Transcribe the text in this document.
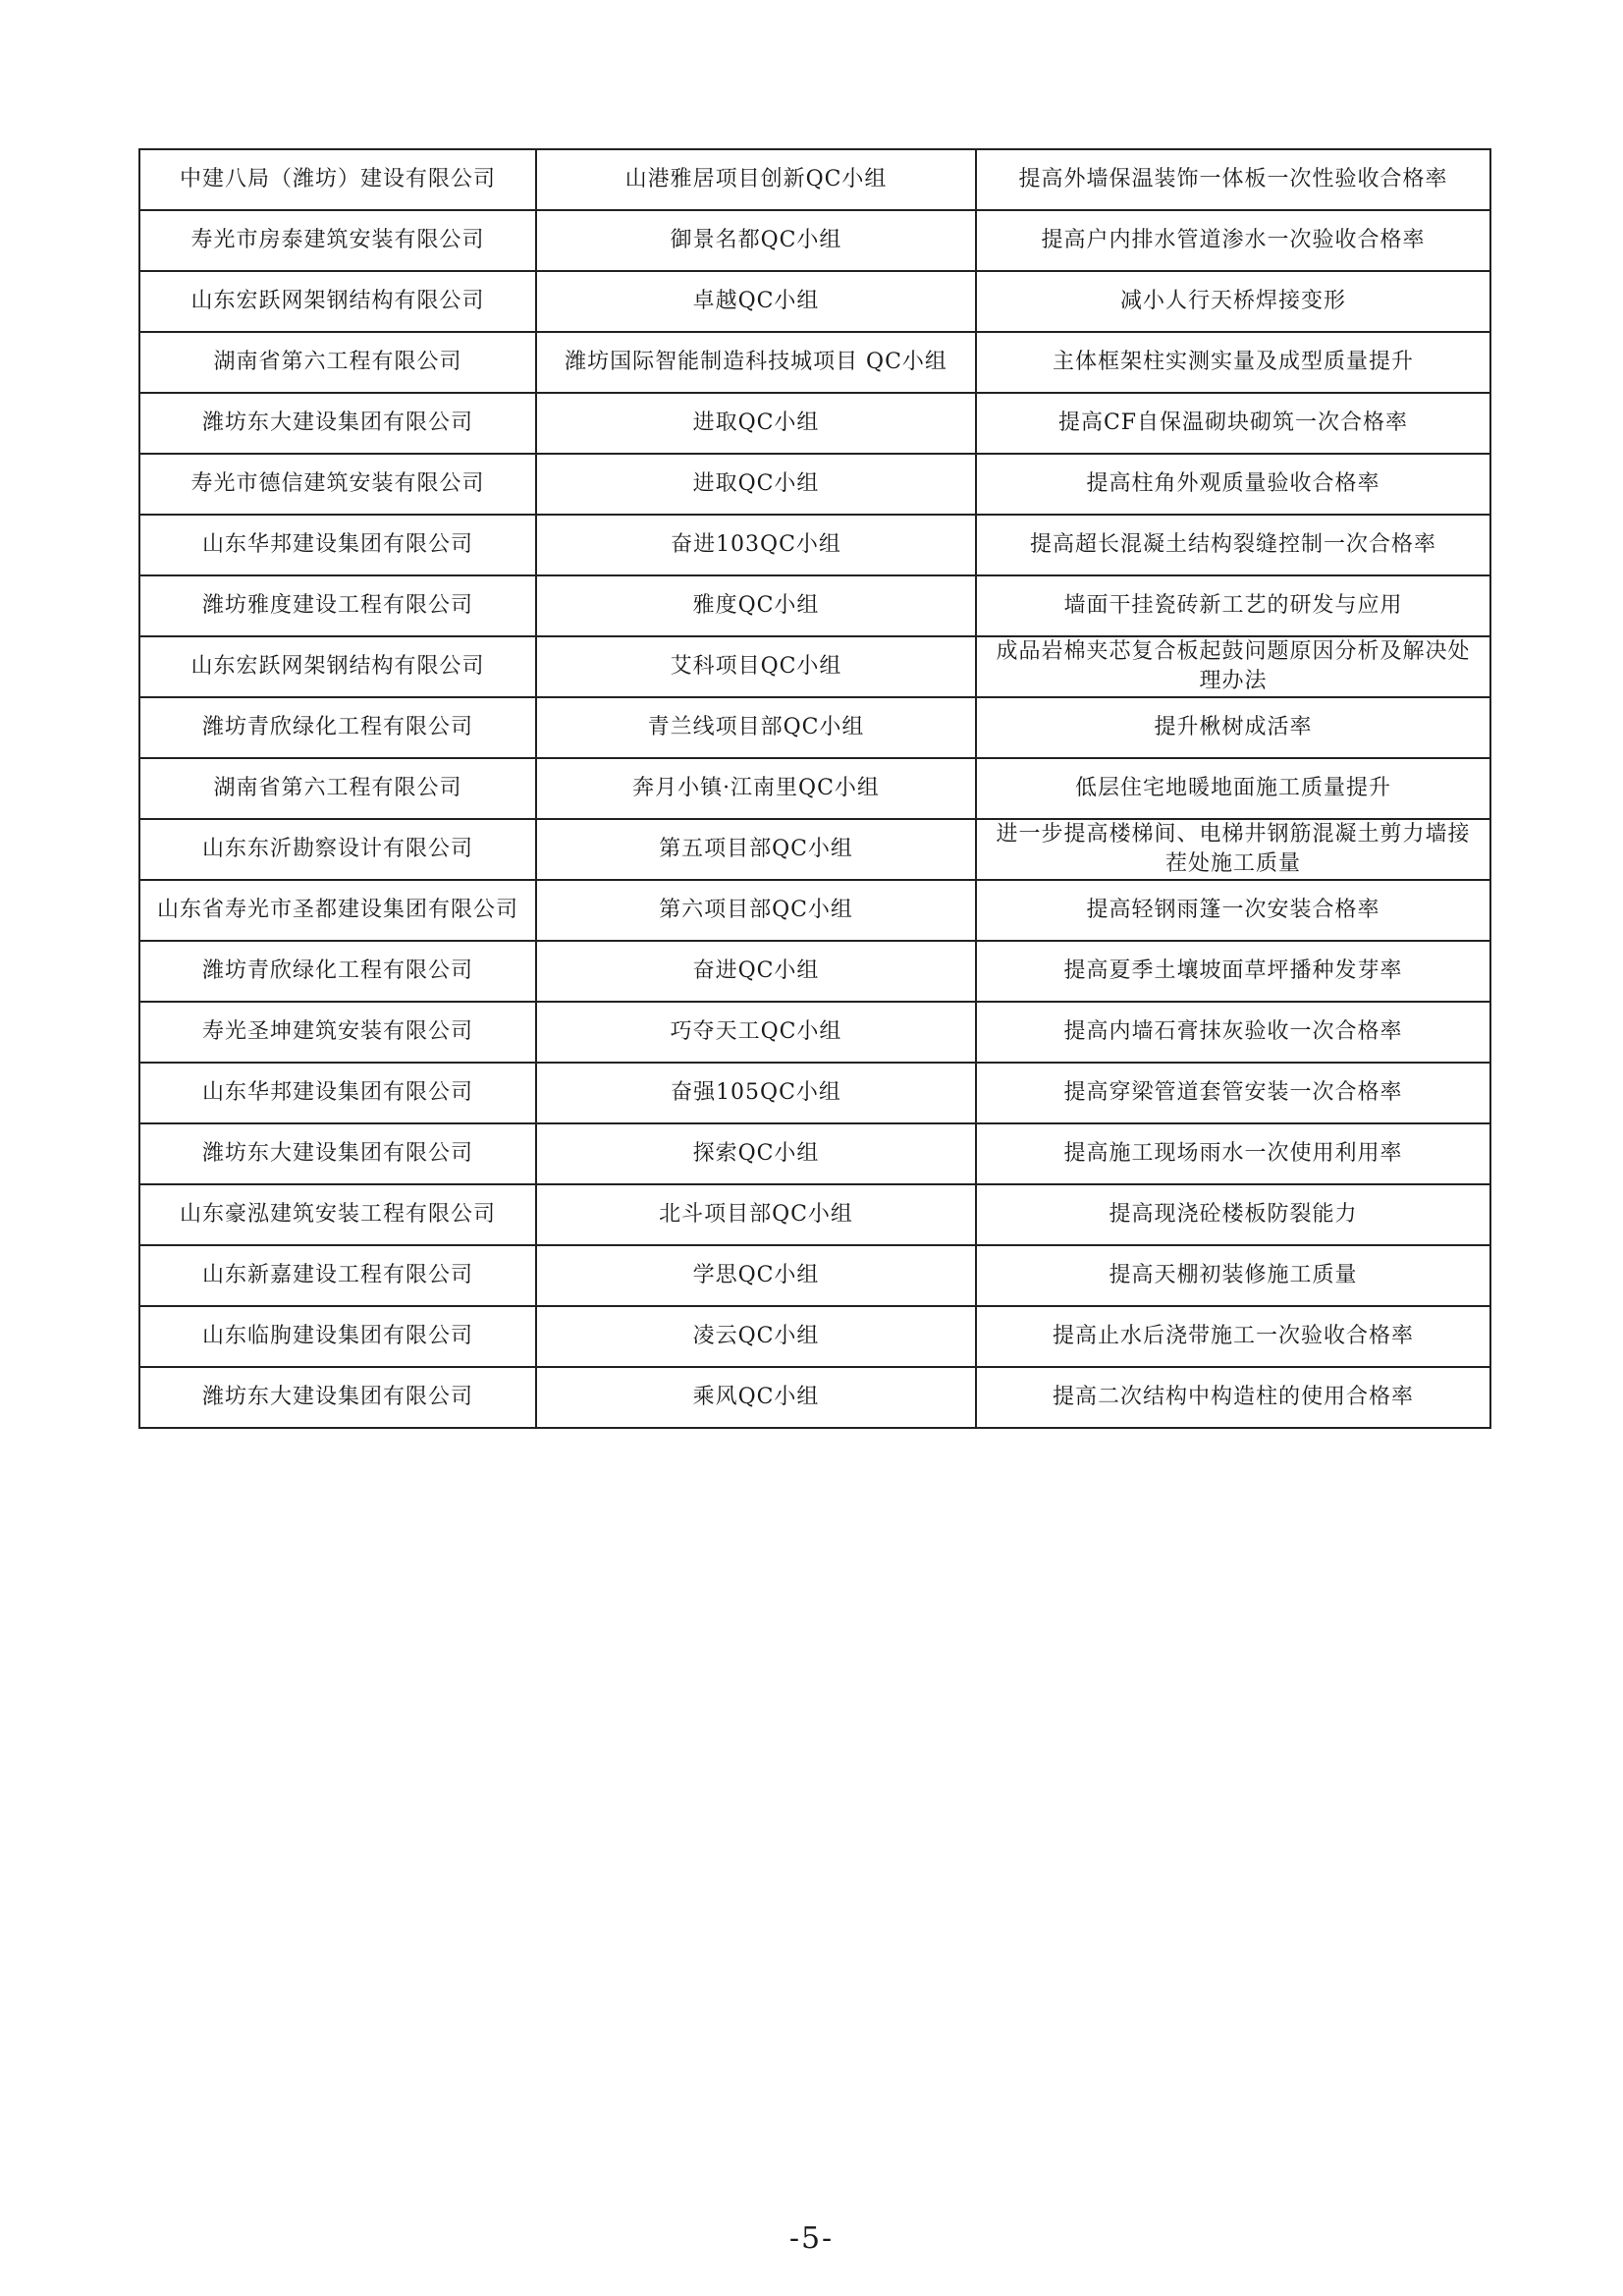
中建八局（潍坊）建设有限公司	山港雅居项目创新QC小组	提高外墙保温装饰一体板一次性验收合格率
寿光市房泰建筑安装有限公司	御景名都QC小组	提高户内排水管道渗水一次验收合格率
山东宏跃网架钢结构有限公司	卓越QC小组	减小人行天桥焊接变形
湖南省第六工程有限公司	潍坊国际智能制造科技城项目 QC小组	主体框架柱实测实量及成型质量提升
潍坊东大建设集团有限公司	进取QC小组	提高CF自保温砌块砌筑一次合格率
寿光市德信建筑安装有限公司	进取QC小组	提高柱角外观质量验收合格率
山东华邦建设集团有限公司	奋进103QC小组	提高超长混凝土结构裂缝控制一次合格率
潍坊雅度建设工程有限公司	雅度QC小组	墙面干挂瓷砖新工艺的研发与应用
山东宏跃网架钢结构有限公司	艾科项目QC小组	成品岩棉夹芯复合板起鼓问题原因分析及解决处理办法
潍坊青欣绿化工程有限公司	青兰线项目部QC小组	提升楸树成活率
湖南省第六工程有限公司	奔月小镇·江南里QC小组	低层住宅地暖地面施工质量提升
山东东沂勘察设计有限公司	第五项目部QC小组	进一步提高楼梯间、电梯井钢筋混凝土剪力墙接茬处施工质量
山东省寿光市圣都建设集团有限公司	第六项目部QC小组	提高轻钢雨篷一次安装合格率
潍坊青欣绿化工程有限公司	奋进QC小组	提高夏季土壤坡面草坪播种发芽率
寿光圣坤建筑安装有限公司	巧夺天工QC小组	提高内墙石膏抹灰验收一次合格率
山东华邦建设集团有限公司	奋强105QC小组	提高穿梁管道套管安装一次合格率
潍坊东大建设集团有限公司	探索QC小组	提高施工现场雨水一次使用利用率
山东豪泓建筑安装工程有限公司	北斗项目部QC小组	提高现浇砼楼板防裂能力
山东新嘉建设工程有限公司	学思QC小组	提高天棚初装修施工质量
山东临朐建设集团有限公司	凌云QC小组	提高止水后浇带施工一次验收合格率
潍坊东大建设集团有限公司	乘风QC小组	提高二次结构中构造柱的使用合格率
-5-
